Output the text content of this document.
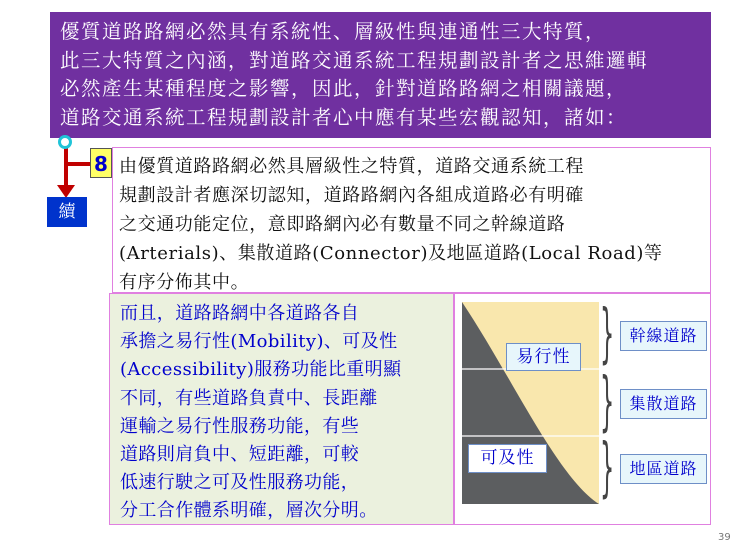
優質道路路網必然具有系統性、層級性與連通性三大特質，
此三大特質之內涵，對道路交通系統工程規劃設計者之思維邏輯
必然產生某種程度之影響，因此，針對道路路網之相關議題，
道路交通系統工程規劃設計者心中應有某些宏觀認知，諸如：
續
8 由優質道路路網必然具層級性之特質，道路交通系統工程
規劃設計者應深切認知，道路路網內各組成道路必有明確
之交通功能定位，意即路網內必有數量不同之幹線道路
(Arterials)、集散道路(Connector)及地區道路(Local Road)等
有序分佈其中。
而且，道路路網中各道路各自
承擔之易行性(Mobility)、可及性
(Accessibility)服務功能比重明顯
不同，有些道路負責中、長距離
運輸之易行性服務功能，有些
道路則肩負中、短距離，可較
低速行駛之可及性服務功能，
分工合作體系明確，層次分明。
易行性
可及性
}
}
}
幹線道路
集散道路
地區道路
39
